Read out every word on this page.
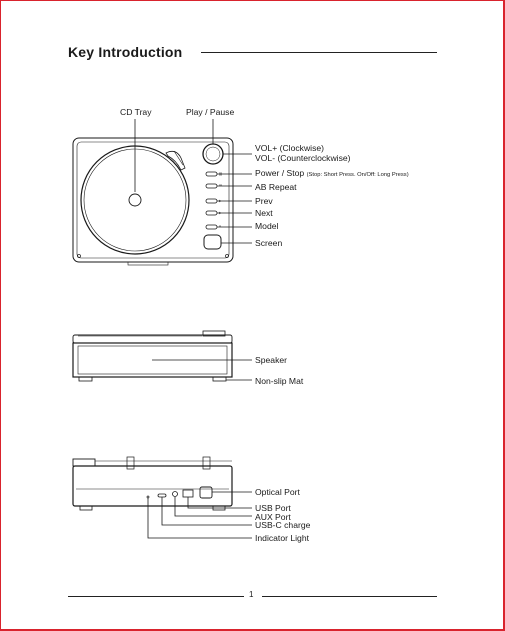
Key Introduction
CD Tray	Play / Pause
VOL+ (Clockwise)
VOL- (Counterclockwise)
Power / Stop (Stop: Short Press. On/Off: Long Press)
AB Repeat
Prev
Next
Model
Screen
Speaker
Non-slip Mat
Optical Port
USB Port
AUX Port
USB-C charge
Indicator Light
1
